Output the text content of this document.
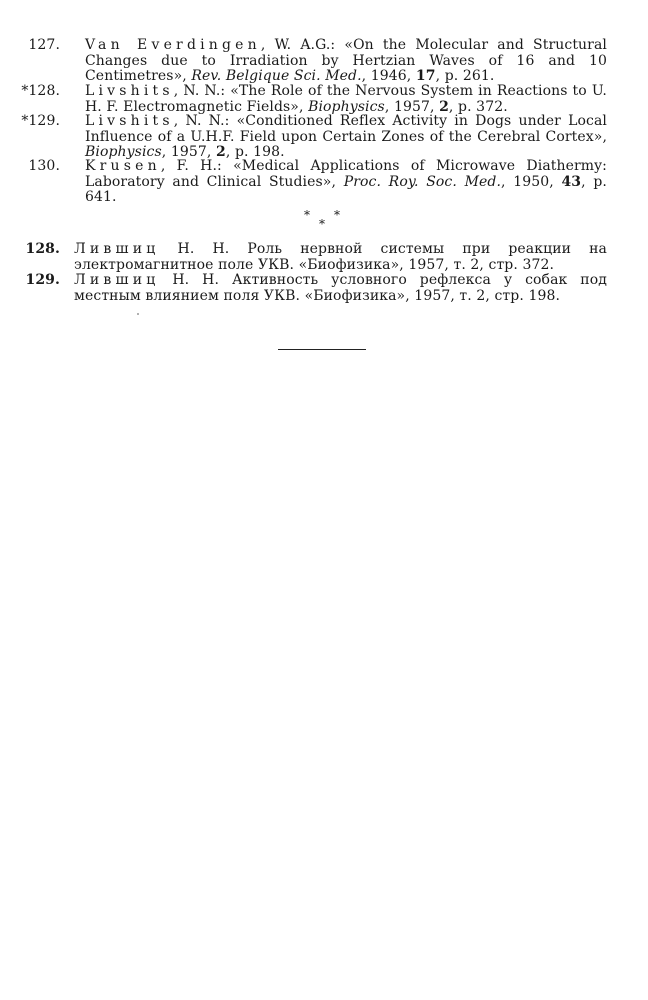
127. Van Everdingen, W. A.G.: «On the Molecular and Structural Changes due to Irradiation by Hertzian Waves of 16 and 10 Centimetres», Rev. Belgique Sci. Med., 1946, 17, p. 261.
*128. Livshits, N. N.: «The Role of the Nervous System in Reactions to U. H. F. Electromagnetic Fields», Biophysics, 1957, 2, p. 372.
*129. Livshits, N. N.: «Conditioned Reflex Activity in Dogs under Local Influence of a U.H.F. Field upon Certain Zones of the Cerebral Cortex», Biophysics, 1957, 2, p. 198.
130. Krusen, F. H.: «Medical Applications of Microwave Diathermy: Laboratory and Clinical Studies», Proc. Roy. Soc. Med., 1950, 43, p. 641.
*
*
*
128. Лившиц Н. Н. Роль нервной системы при реакции на электромагнитное поле УКВ. «Биофизика», 1957, т. 2, стр. 372.
129. Лившиц Н. Н. Активность условного рефлекса у собак под местным влиянием поля УКВ. «Биофизика», 1957, т. 2, стр. 198.
